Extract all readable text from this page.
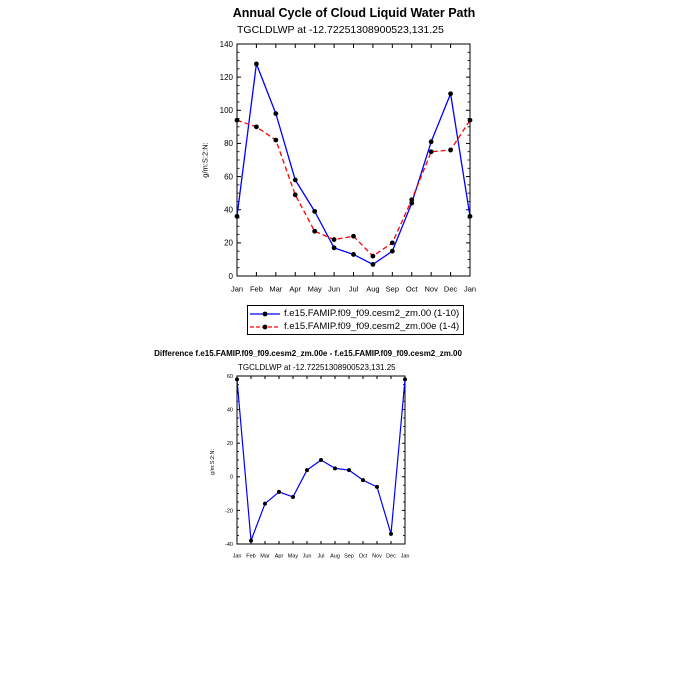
Annual Cycle of Cloud Liquid Water Path
TGCLDLWP at -12.72251308900523,131.25
g/m:S:2:N:
0
20
40
60
80
100
120
140
Jan Feb Mar Apr May Jun Jul Aug Sep Oct Nov Dec Jan
-40
-20
0
20
40
60
Jan Feb Mar Apr May Jun Jul Aug Sep Oct Nov Dec Jan
f.e15.FAMIP.f09_f09.cesm2_zm.00 (1-10)
f.e15.FAMIP.f09_f09.cesm2_zm.00e (1-4)
Difference f.e15.FAMIP.f09_f09.cesm2_zm.00e - f.e15.FAMIP.f09_f09.cesm2_zm.00
TGCLDLWP at -12.72251308900523,131.25
g/m:S:2:N:
